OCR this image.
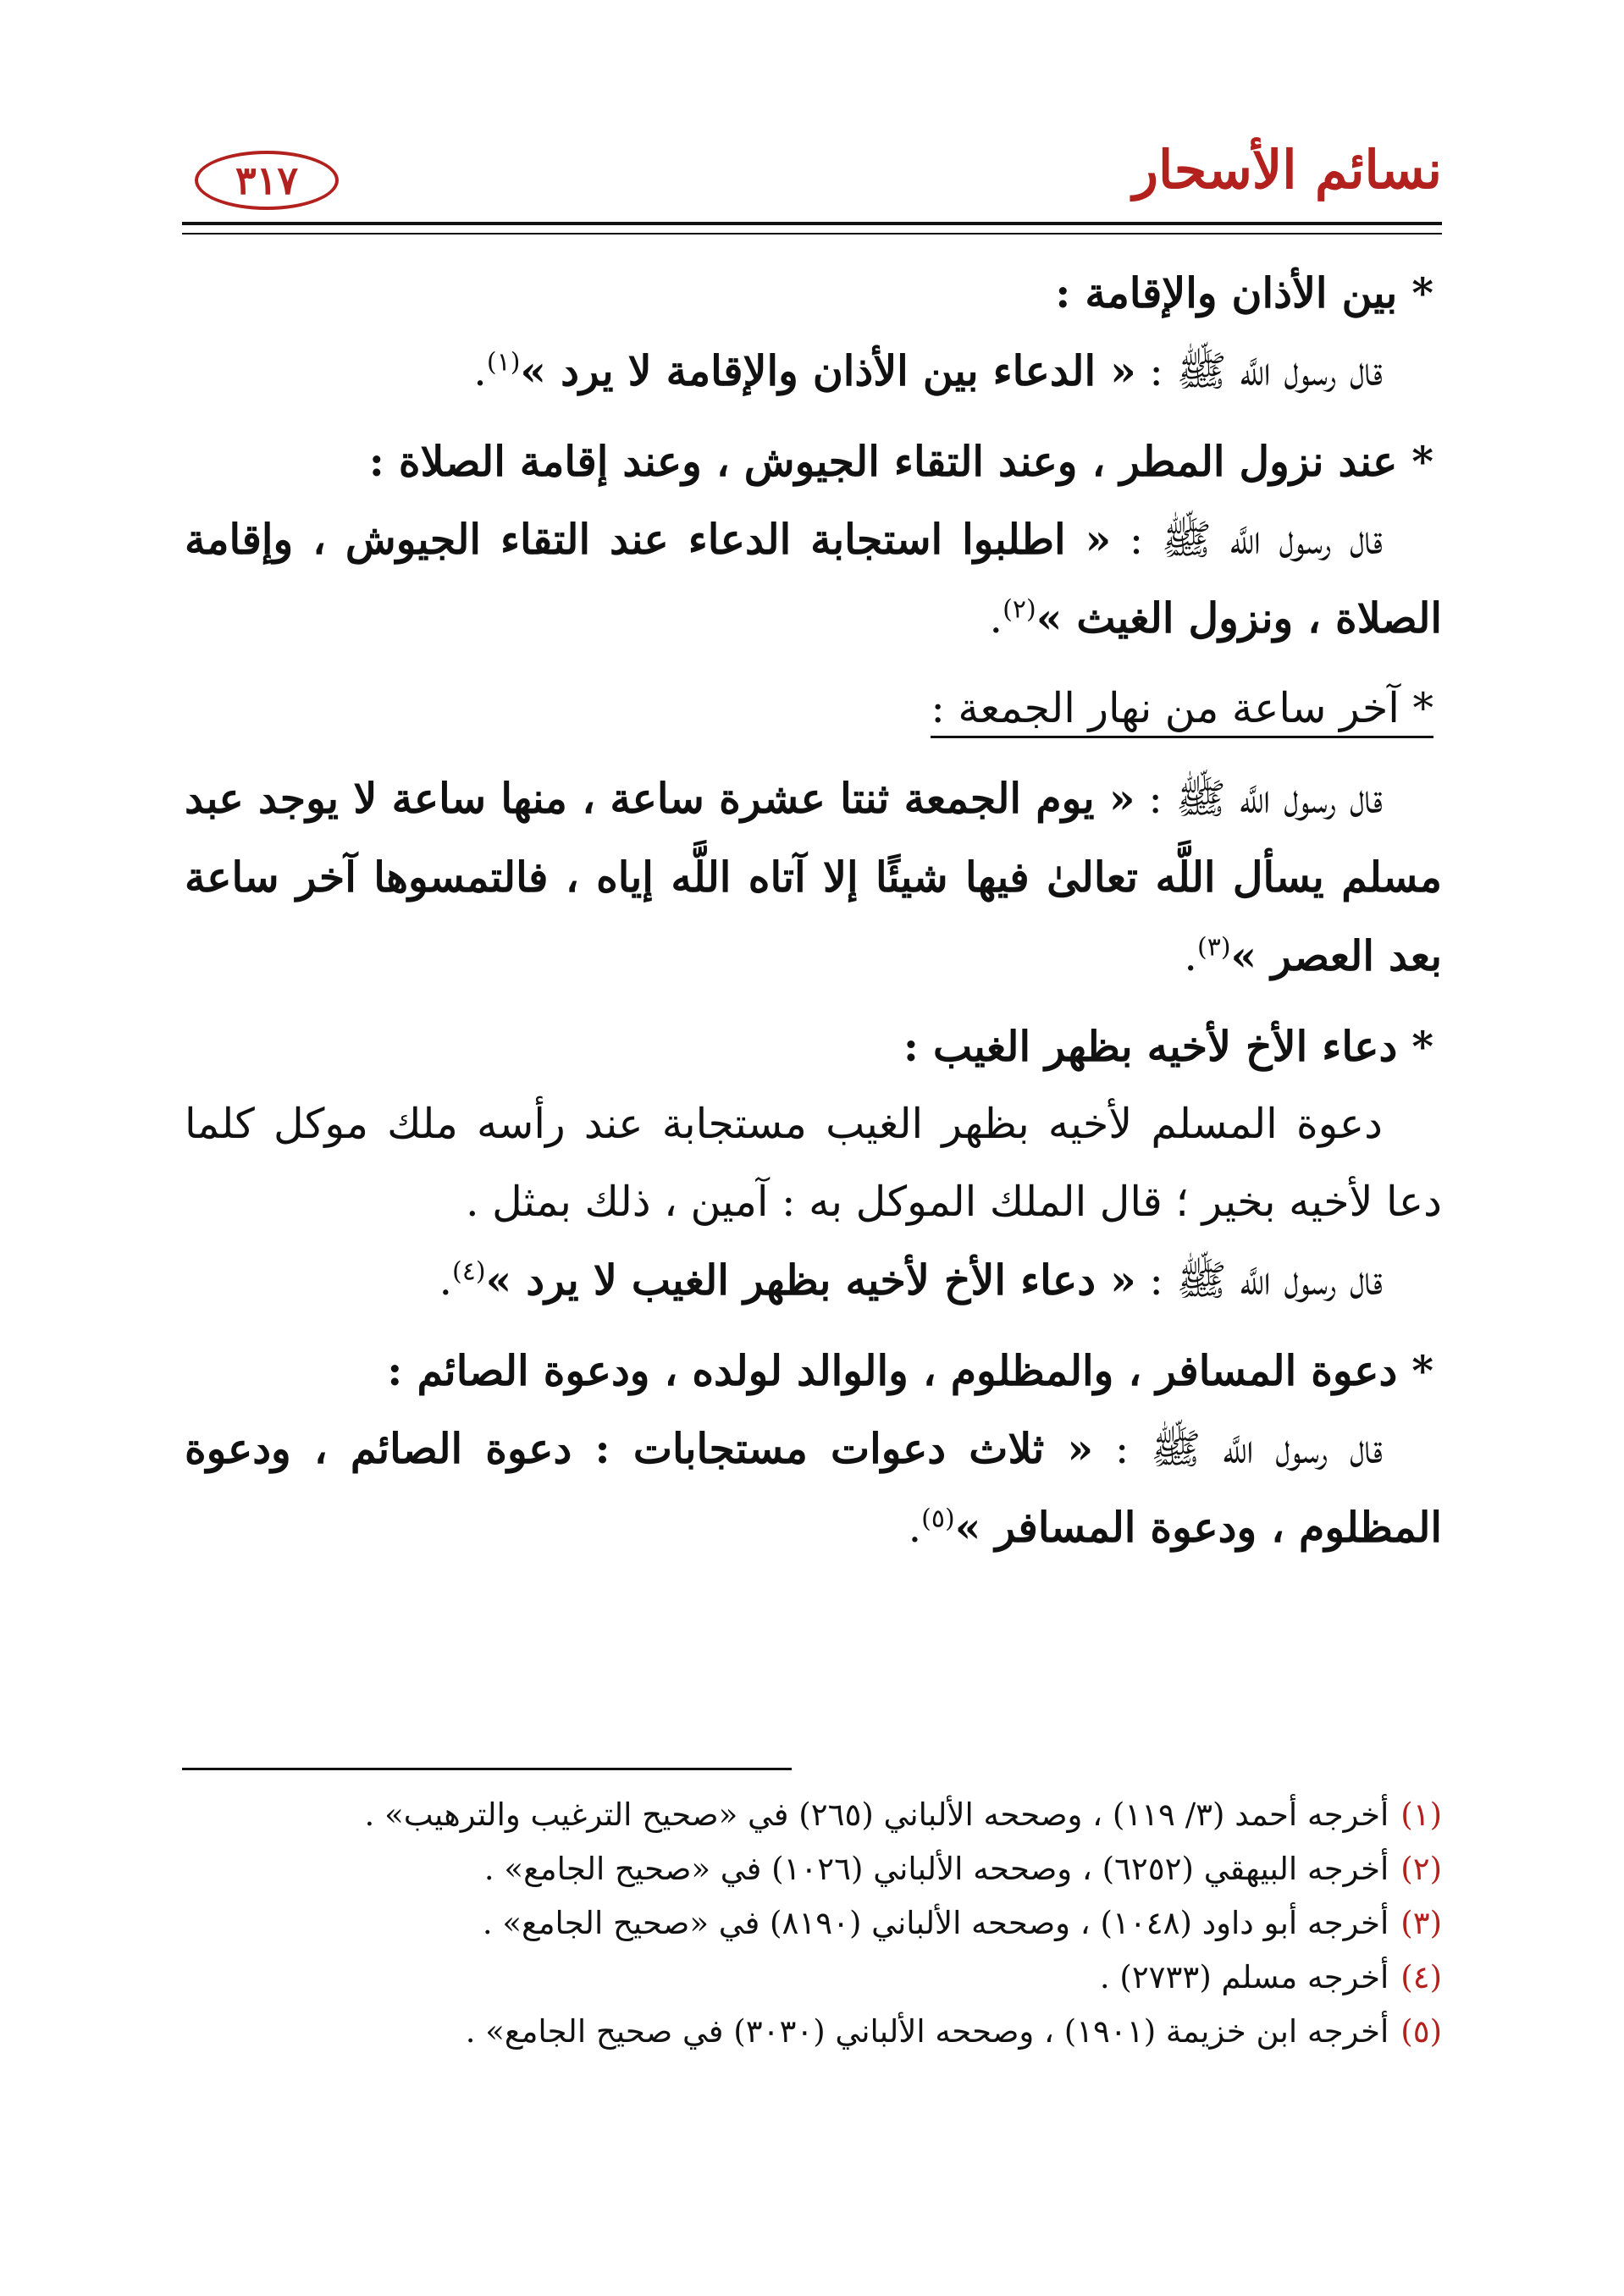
نسائم الأسحار
٣١٧

* بين الأذان والإقامة :

قال رسول اللَّه ﷺ : « الدعاء بين الأذان والإقامة لا يرد »$^{(١)}$.

* عند نزول المطر ، وعند التقاء الجيوش ، وعند إقامة الصلاة :

قال رسول اللَّه ﷺ : « اطلبوا استجابة الدعاء عند التقاء الجيوش ، وإقامة الصلاة ، ونزول الغيث »$^{(٢)}$.

* آخر ساعة من نهار الجمعة :

قال رسول اللَّه ﷺ : « يوم الجمعة ثنتا عشرة ساعة ، منها ساعة لا يوجد عبد مسلم يسأل اللَّه تعالىٰ فيها شيئًا إلا آتاه اللَّه إياه ، فالتمسوها آخر ساعة بعد العصر »$^{(٣)}$.

* دعاء الأخ لأخيه بظهر الغيب :

دعوة المسلم لأخيه بظهر الغيب مستجابة عند رأسه ملك موكل كلما دعا لأخيه بخير ؛ قال الملك الموكل به : آمين ، ذلك بمثل .

قال رسول اللَّه ﷺ : « دعاء الأخ لأخيه بظهر الغيب لا يرد »$^{(٤)}$.

* دعوة المسافر ، والمظلوم ، والوالد لولده ، ودعوة الصائم :

قال رسول اللَّه ﷺ : « ثلاث دعوات مستجابات : دعوة الصائم ، ودعوة المظلوم ، ودعوة المسافر »$^{(٥)}$.

(١)أخرجه أحمد (٣/ ١١٩) ، وصححه الألباني (٢٦٥) في «صحيح الترغيب والترهيب» .

(٢)أخرجه البيهقي (٦٢٥٢) ، وصححه الألباني (١٠٢٦) في «صحيح الجامع» .

(٣)أخرجه أبو داود (١٠٤٨) ، وصححه الألباني (٨١٩٠) في «صحيح الجامع» .

(٤)أخرجه مسلم (٢٧٣٣) .

(٥)أخرجه ابن خزيمة (١٩٠١) ، وصححه الألباني (٣٠٣٠) في صحيح الجامع» .
